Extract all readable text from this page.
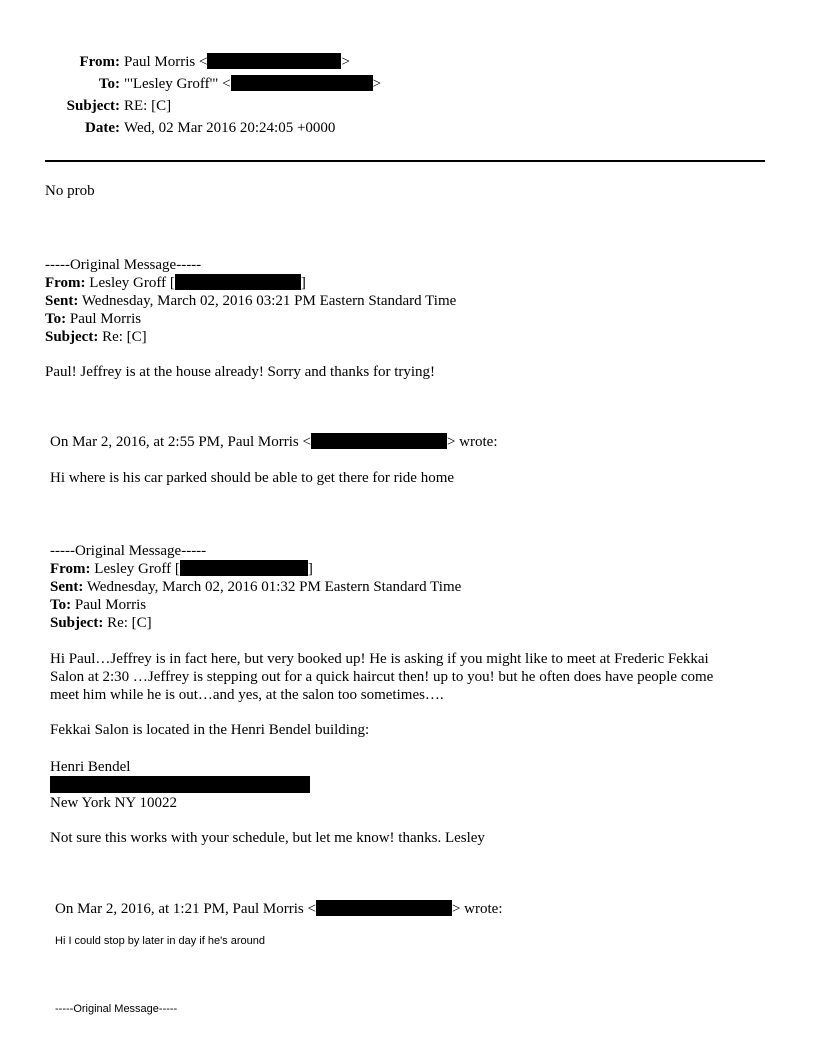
From: Paul Morris <	>
To: "'Lesley Groff'" <	>
Subject: RE: [C]
Date: Wed, 02 Mar 2016 20:24:05 +0000
No prob
-----Original Message-----
From: Lesley Groff [	]
Sent: Wednesday, March 02, 2016 03:21 PM Eastern Standard Time
To: Paul Morris
Subject: Re: [C]
Paul! Jeffrey is at the house already! Sorry and thanks for trying!
On Mar 2, 2016, at 2:55 PM, Paul Morris <	> wrote:
Hi where is his car parked should be able to get there for ride home
-----Original Message-----
From: Lesley Groff [	]
Sent: Wednesday, March 02, 2016 01:32 PM Eastern Standard Time
To: Paul Morris
Subject: Re: [C]
Hi Paul…Jeffrey is in fact here, but very booked up! He is asking if you might like to meet at Frederic Fekkai
Salon at 2:30 …Jeffrey is stepping out for a quick haircut then! up to you! but he often does have people come
meet him while he is out…and yes, at the salon too sometimes….
Fekkai Salon is located in the Henri Bendel building:
Henri Bendel
New York NY 10022
Not sure this works with your schedule, but let me know! thanks. Lesley
On Mar 2, 2016, at 1:21 PM, Paul Morris <	> wrote:
Hi I could stop by later in day if he's around
-----Original Message-----
